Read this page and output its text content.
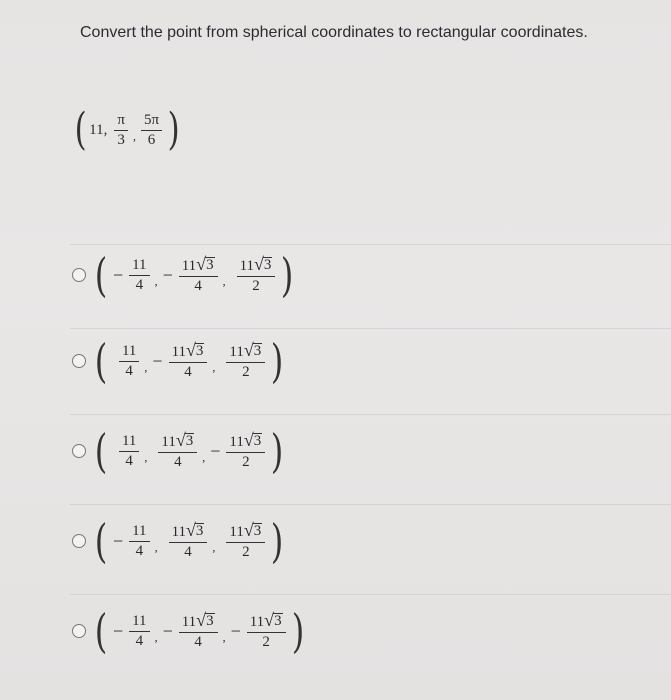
Convert the point from spherical coordinates to rectangular coordinates.
( 11, $\frac{\pi}{3}$ , $\frac{5\pi}{6}$ )
( − $\frac{11}{4}$ , − $\frac{11 √ 3}{4}$ , $\frac{11 √ 3}{2}$ )
( $\frac{11}{4}$ , − $\frac{11 √ 3}{4}$ , $\frac{11 √ 3}{2}$ )
( $\frac{11}{4}$ , $\frac{11 √ 3}{4}$ , − $\frac{11 √ 3}{2}$ )
( − $\frac{11}{4}$ , $\frac{11 √ 3}{4}$ , $\frac{11 √ 3}{2}$ )
( − $\frac{11}{4}$ , − $\frac{11 √ 3}{4}$ , − $\frac{11 √ 3}{2}$ )
